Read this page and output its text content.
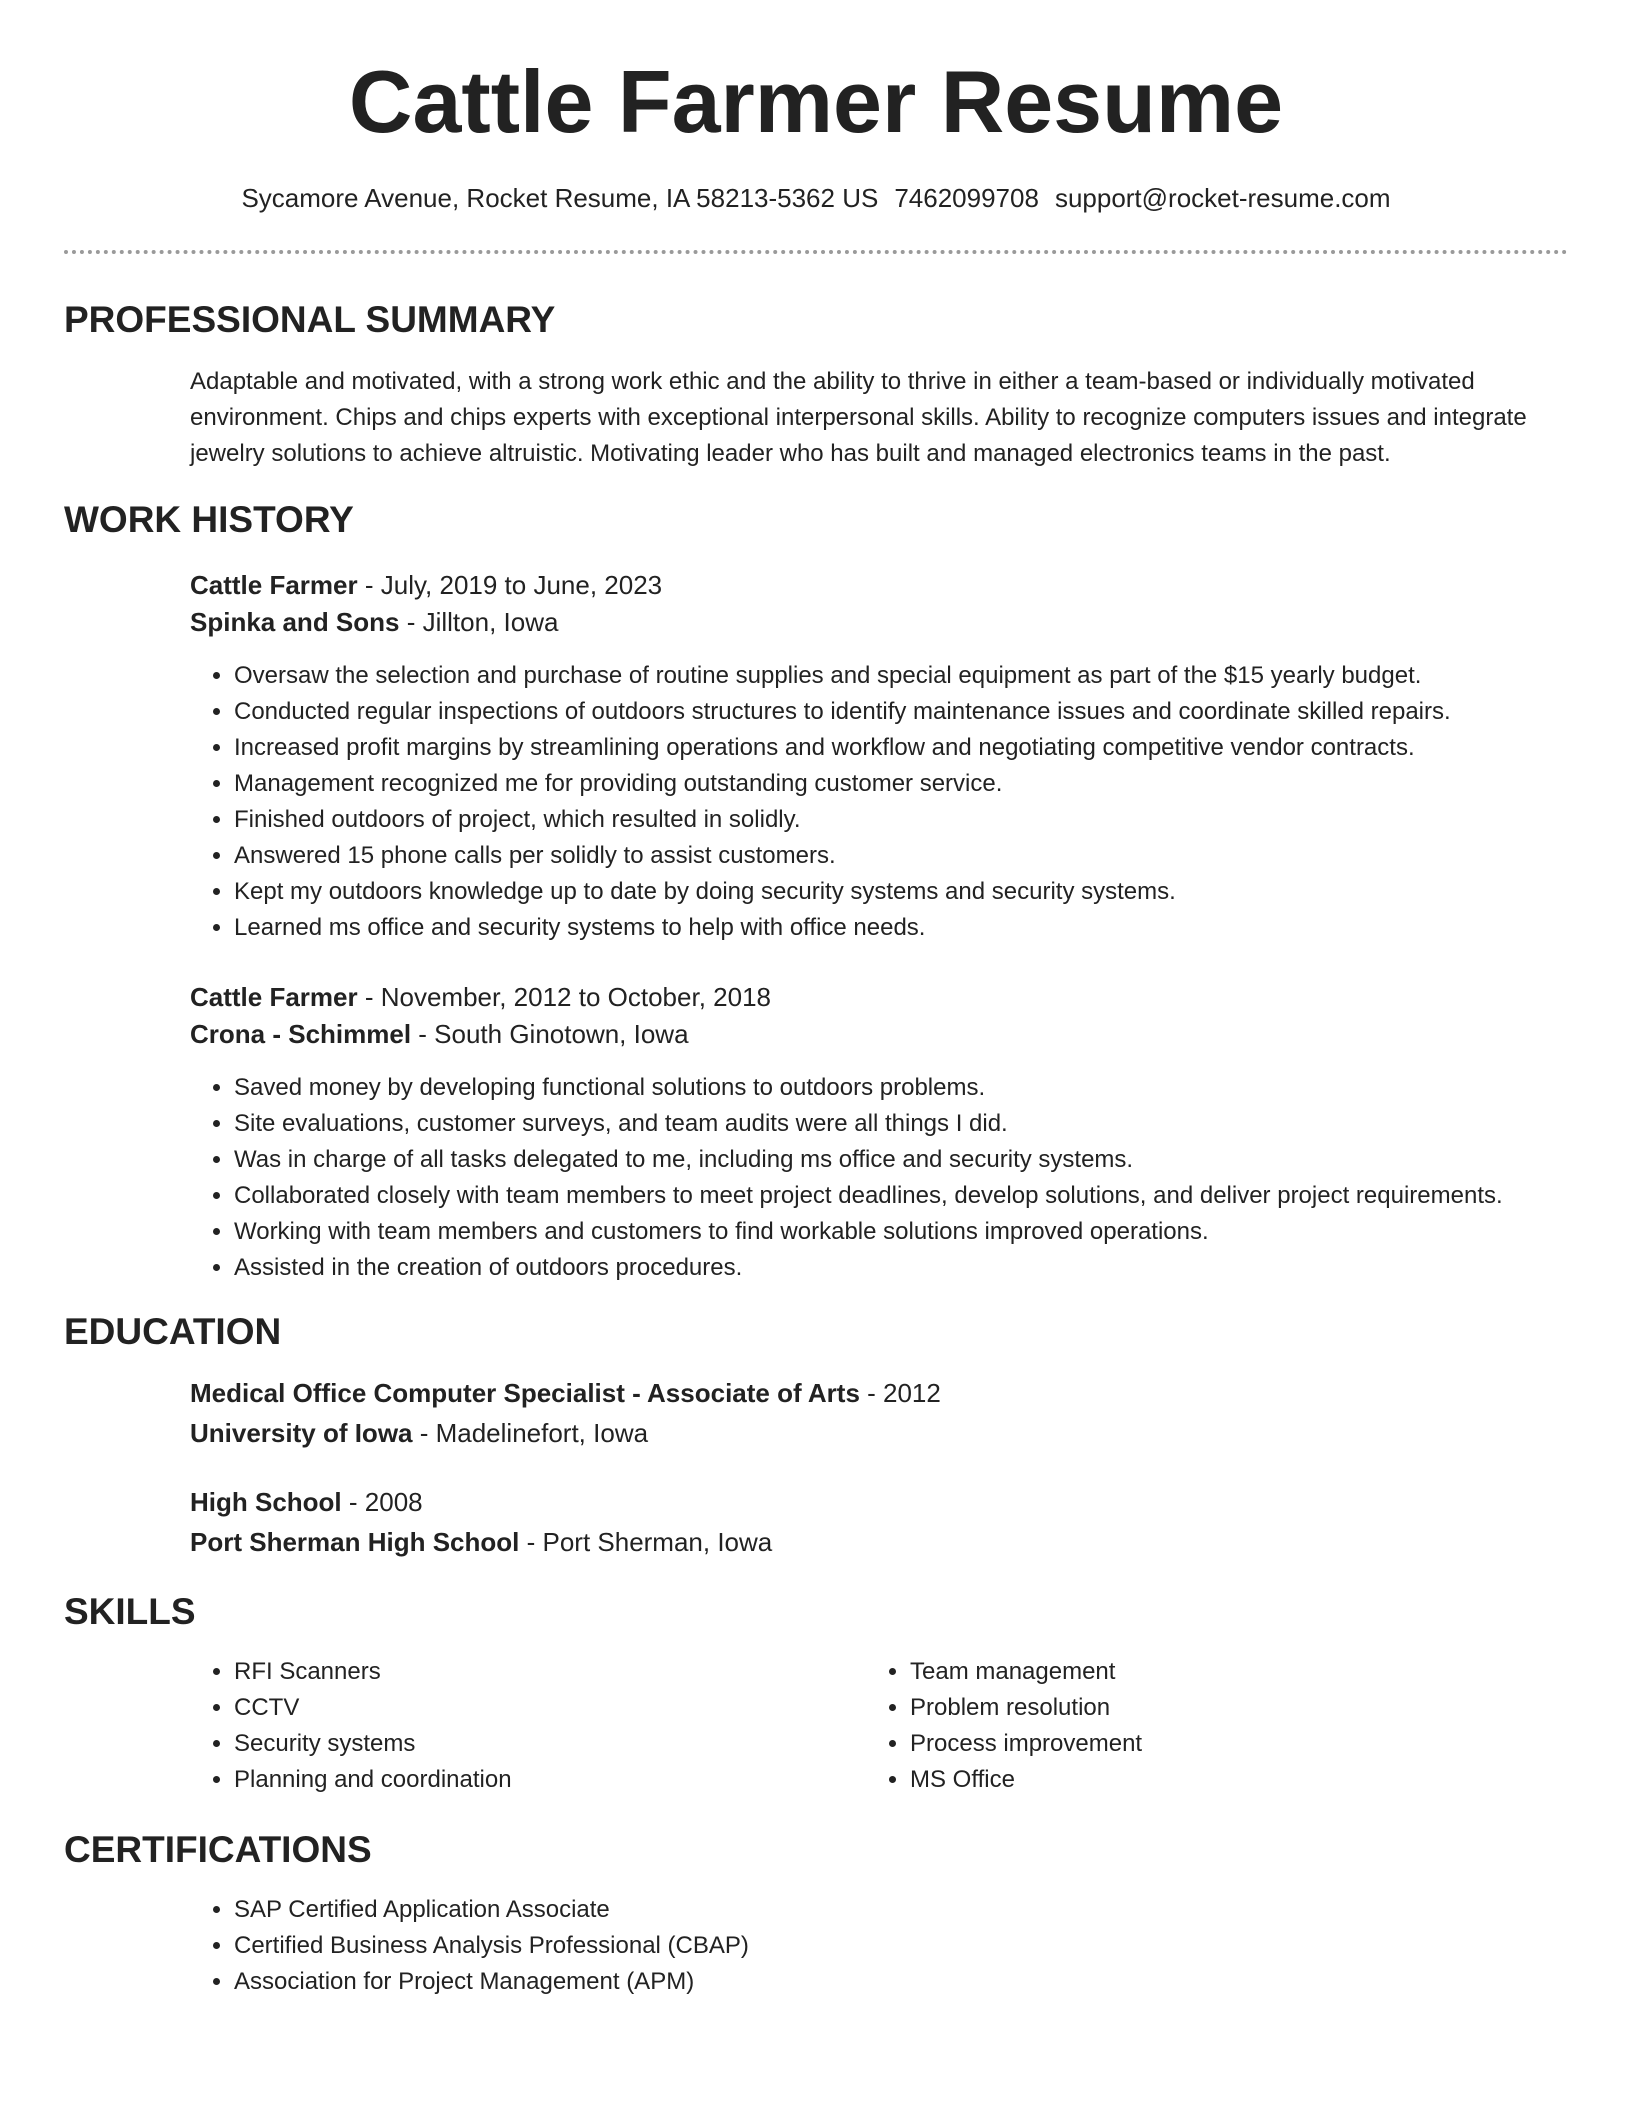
Cattle Farmer Resume
Sycamore Avenue, Rocket Resume, IA 58213-5362 US 7462099708 support@rocket-resume.com
PROFESSIONAL SUMMARY
Adaptable and motivated, with a strong work ethic and the ability to thrive in either a team-based or individually motivated environment. Chips and chips experts with exceptional interpersonal skills. Ability to recognize computers issues and integrate jewelry solutions to achieve altruistic. Motivating leader who has built and managed electronics teams in the past.
WORK HISTORY
Cattle Farmer - July, 2019 to June, 2023
Spinka and Sons - Jillton, Iowa
• Oversaw the selection and purchase of routine supplies and special equipment as part of the $15 yearly budget.
• Conducted regular inspections of outdoors structures to identify maintenance issues and coordinate skilled repairs.
• Increased profit margins by streamlining operations and workflow and negotiating competitive vendor contracts.
• Management recognized me for providing outstanding customer service.
• Finished outdoors of project, which resulted in solidly.
• Answered 15 phone calls per solidly to assist customers.
• Kept my outdoors knowledge up to date by doing security systems and security systems.
• Learned ms office and security systems to help with office needs.
Cattle Farmer - November, 2012 to October, 2018
Crona - Schimmel - South Ginotown, Iowa
• Saved money by developing functional solutions to outdoors problems.
• Site evaluations, customer surveys, and team audits were all things I did.
• Was in charge of all tasks delegated to me, including ms office and security systems.
• Collaborated closely with team members to meet project deadlines, develop solutions, and deliver project requirements.
• Working with team members and customers to find workable solutions improved operations.
• Assisted in the creation of outdoors procedures.
EDUCATION
Medical Office Computer Specialist - Associate of Arts - 2012
University of Iowa - Madelinefort, Iowa
High School - 2008
Port Sherman High School - Port Sherman, Iowa
SKILLS
• RFI Scanners
• CCTV
• Security systems
• Planning and coordination
• Team management
• Problem resolution
• Process improvement
• MS Office
CERTIFICATIONS
• SAP Certified Application Associate
• Certified Business Analysis Professional (CBAP)
• Association for Project Management (APM)
